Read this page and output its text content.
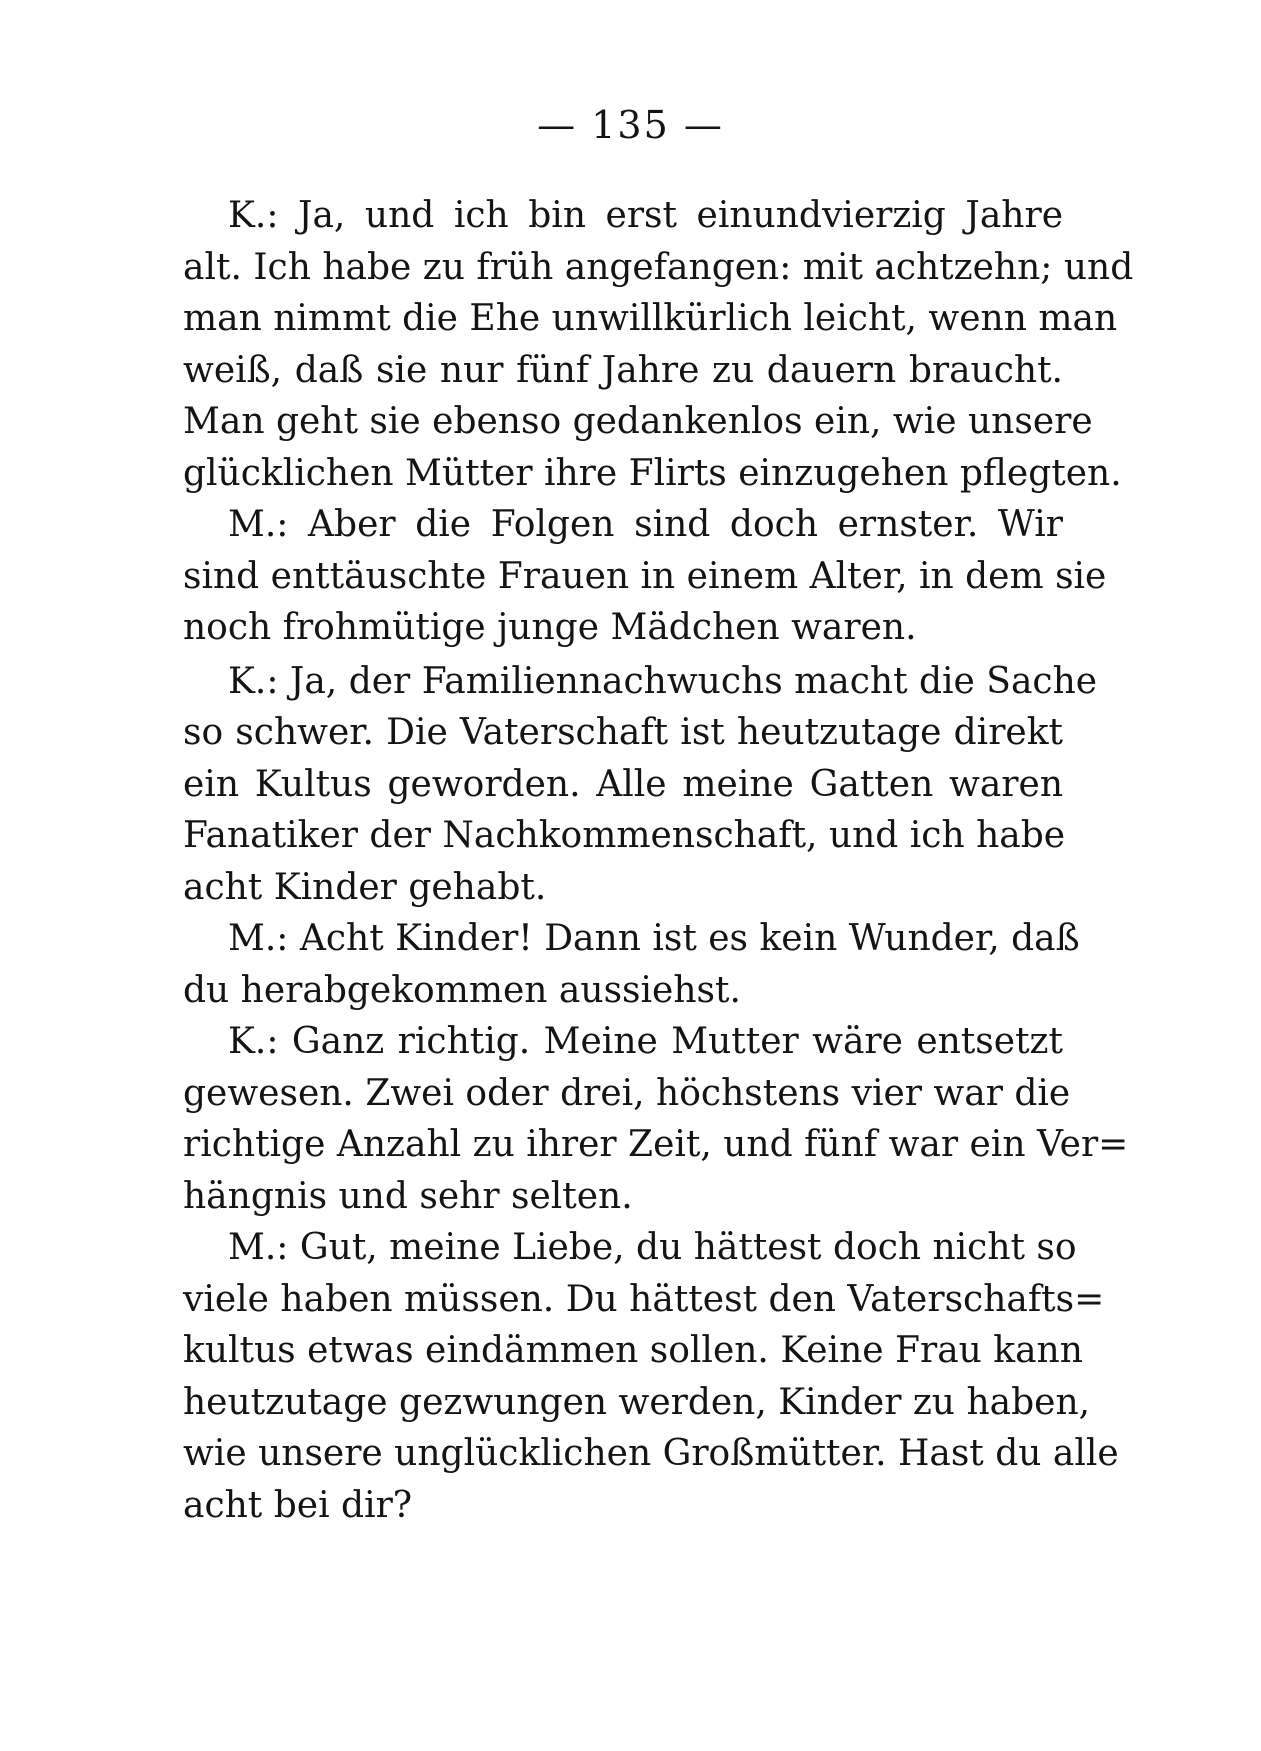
— 135 —
K.: Ja, und ich bin erst einundvierzig Jahre
alt. Ich habe zu früh angefangen: mit achtzehn; und
man nimmt die Ehe unwillkürlich leicht, wenn man
weiß, daß sie nur fünf Jahre zu dauern braucht.
Man geht sie ebenso gedankenlos ein, wie unsere
glücklichen Mütter ihre Flirts einzugehen pflegten.
M.: Aber die Folgen sind doch ernster. Wir
sind enttäuschte Frauen in einem Alter, in dem sie
noch frohmütige junge Mädchen waren.
K.: Ja, der Familiennachwuchs macht die Sache
so schwer. Die Vaterschaft ist heutzutage direkt
ein Kultus geworden. Alle meine Gatten waren
Fanatiker der Nachkommenschaft, und ich habe
acht Kinder gehabt.
M.: Acht Kinder! Dann ist es kein Wunder, daß
du herabgekommen aussiehst.
K.: Ganz richtig. Meine Mutter wäre entsetzt
gewesen. Zwei oder drei, höchstens vier war die
richtige Anzahl zu ihrer Zeit, und fünf war ein Ver=
hängnis und sehr selten.
M.: Gut, meine Liebe, du hättest doch nicht so
viele haben müssen. Du hättest den Vaterschafts=
kultus etwas eindämmen sollen. Keine Frau kann
heutzutage gezwungen werden, Kinder zu haben,
wie unsere unglücklichen Großmütter. Hast du alle
acht bei dir?
